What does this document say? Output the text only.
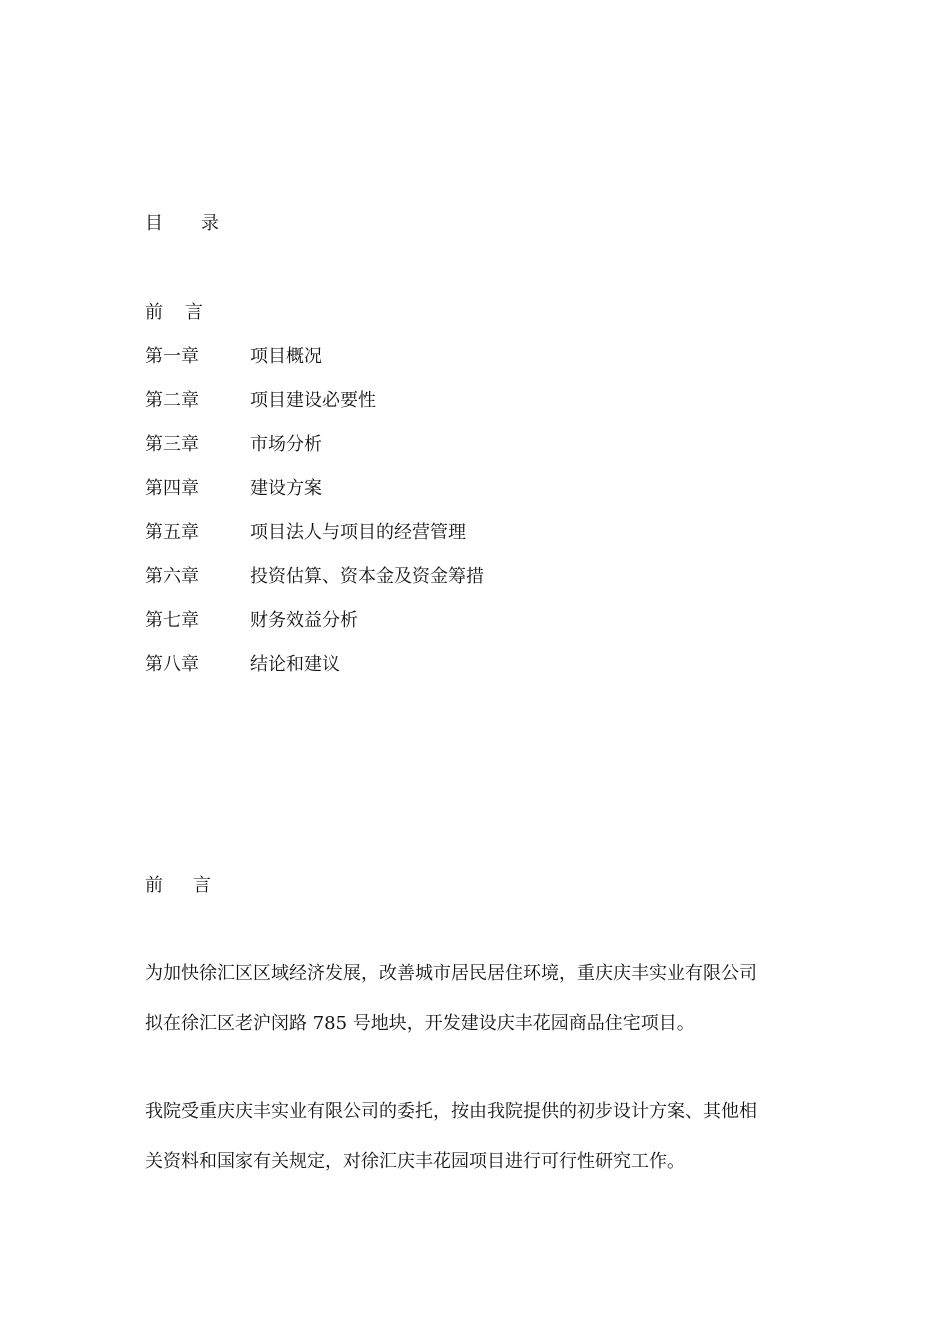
目 录
前 言
第一章	项目概况
第二章	项目建设必要性
第三章	市场分析
第四章	建设方案
第五章	项目法人与项目的经营管理
第六章	投资估算、资本金及资金筹措
第七章	财务效益分析
第八章	结论和建议
前 言

为加快徐汇区区域经济发展，改善城市居民居住环境，重庆庆丰实业有限公司
拟在徐汇区老沪闵路 785 号地块，开发建设庆丰花园商品住宅项目。

我院受重庆庆丰实业有限公司的委托，按由我院提供的初步设计方案、其他相
关资料和国家有关规定，对徐汇庆丰花园项目进行可行性研究工作。
